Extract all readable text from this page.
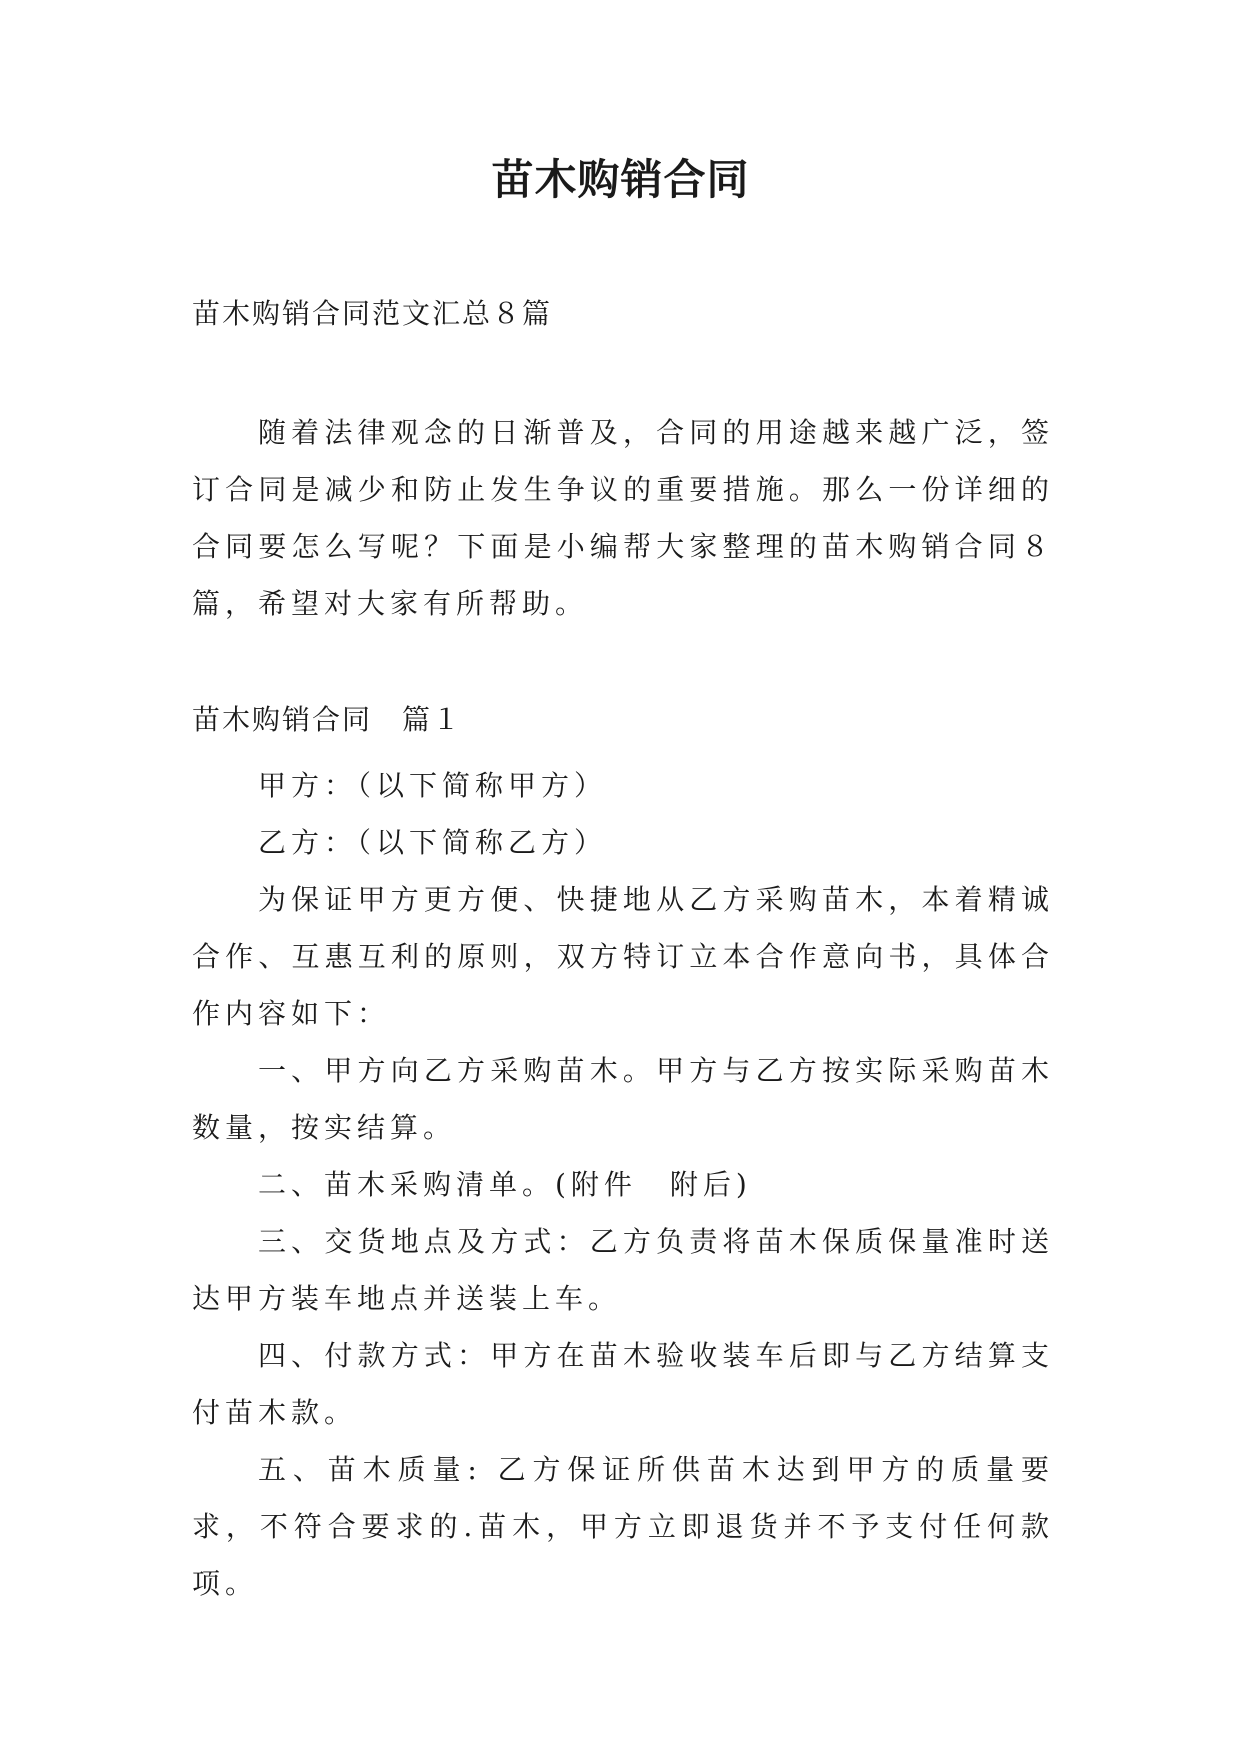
苗木购销合同
苗木购销合同范文汇总８篇

随着法律观念的日渐普及，合同的用途越来越广泛，签订合同是减少和防止发生争议的重要措施。那么一份详细的合同要怎么写呢？下面是小编帮大家整理的苗木购销合同８篇，希望对大家有所帮助。

苗木购销合同　篇１

甲方：（以下简称甲方）

乙方：（以下简称乙方）

为保证甲方更方便、快捷地从乙方采购苗木，本着精诚合作、互惠互利的原则，双方特订立本合作意向书，具体合作内容如下：

一、甲方向乙方采购苗木。甲方与乙方按实际采购苗木数量，按实结算。

二、苗木采购清单。(附件　附后)

三、交货地点及方式：乙方负责将苗木保质保量准时送达甲方装车地点并送装上车。

四、付款方式：甲方在苗木验收装车后即与乙方结算支付苗木款。

五、苗木质量: 乙方保证所供苗木达到甲方的质量要求，不符合要求的.苗木，甲方立即退货并不予支付任何款项。
